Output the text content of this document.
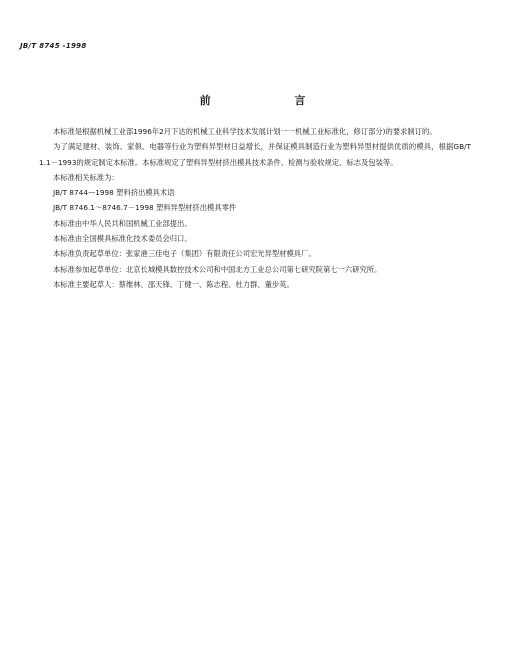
JB/T 8745 -1998
前 言

本标准是根据机械工业部1996年2月下达的机械工业科学技术发展计划一一机械工业标准化，修订部分)的要求制订的。

为了满足建材、装饰、家俱、电器等行业为塑料异型材日益增长，并保证模具制造行业为塑料异型材提供优质的模具，根据GB/T 1.1－1993的规定制定本标准。本标准规定了塑料异型材挤出模具技术条件、检测与验收规定、标志及包装等。

本标准相关标准为：

JB/T 8744—1998 塑料挤出模具术语

JB/T 8746.1～8746.7－1998 塑料异型材挤出模具零件

本标准由中华人民共和国机械工业部提出。

本标准由全国模具标准化技术委员会归口。

本标准负责起草单位：张家港三佳电子（集团）有限责任公司宏光异型材模具厂。

本标准参加起草单位：北京长城模具数控技术公司和中国北方工业总公司第七研究院第七一六研究所。

本标准主要起草人：蔡维林、邵天锋、丁健一、陈志程、杜力群、董步英。
